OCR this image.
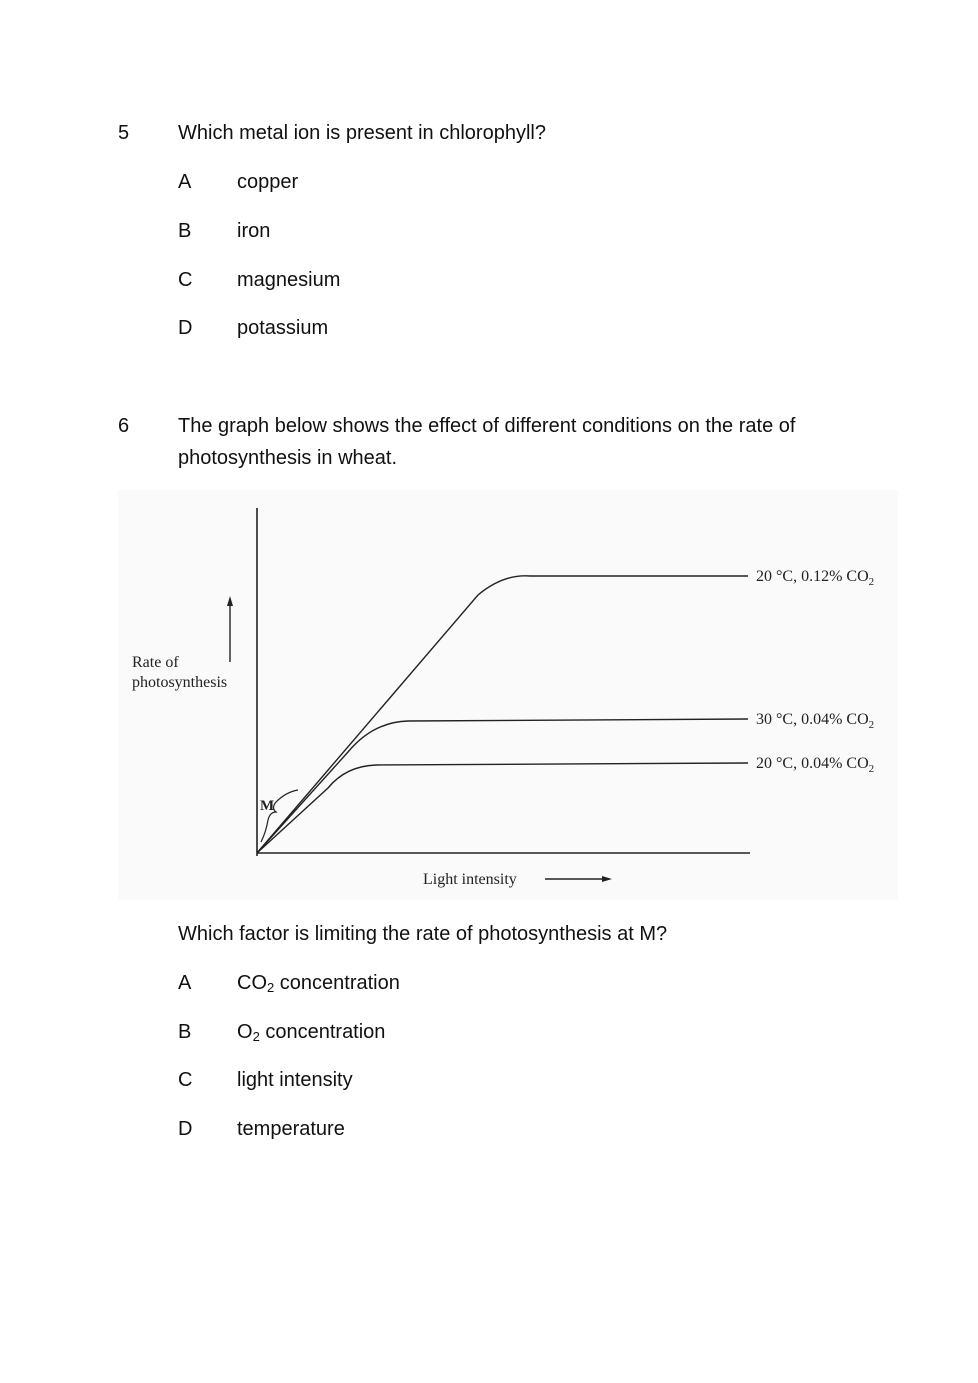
5 Which metal ion is present in chlorophyll?
A copper
B iron
C magnesium
D potassium
6 The graph below shows the effect of different conditions on the rate of
photosynthesis in wheat.
M
Rate of
photosynthesis
Light intensity
20 °C, 0.12% $CO_2$
30 °C, 0.04% $CO_2$
20 °C, 0.04% $CO_2$
Which factor is limiting the rate of photosynthesis at M?
A $CO_2$ concentration
B $O_2$ concentration
C light intensity
D temperature
